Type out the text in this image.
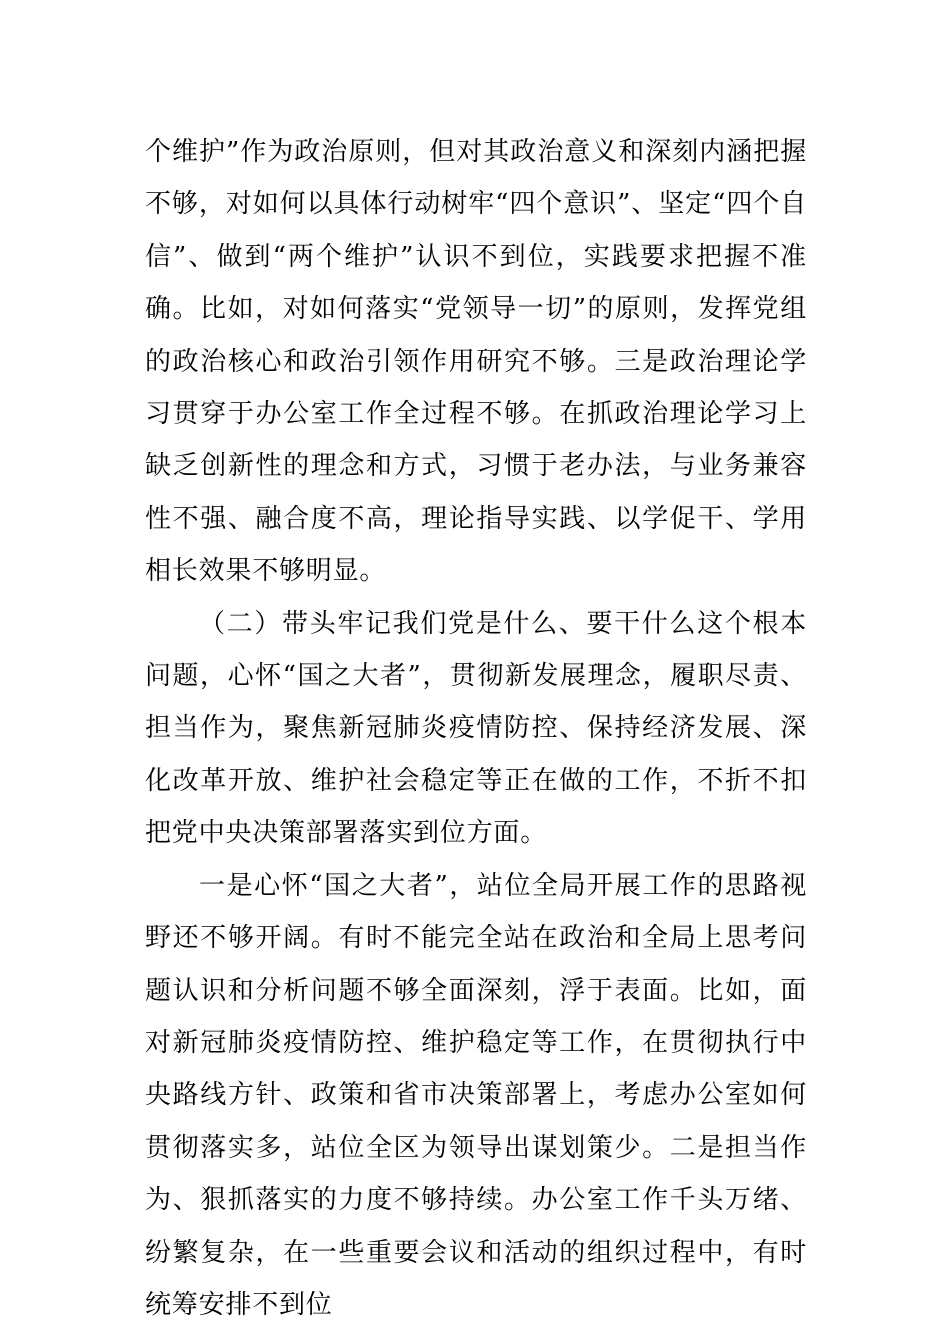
个维护”作为政治原则，但对其政治意义和深刻内涵把握不够，对如何以具体行动树牢“四个意识”、坚定“四个自信”、做到“两个维护”认识不到位，实践要求把握不准确。比如，对如何落实“党领导一切”的原则，发挥党组的政治核心和政治引领作用研究不够。三是政治理论学习贯穿于办公室工作全过程不够。在抓政治理论学习上缺乏创新性的理念和方式，习惯于老办法，与业务兼容性不强、融合度不高，理论指导实践、以学促干、学用相长效果不够明显。

（二）带头牢记我们党是什么、要干什么这个根本问题，心怀“国之大者”，贯彻新发展理念，履职尽责、担当作为，聚焦新冠肺炎疫情防控、保持经济发展、深化改革开放、维护社会稳定等正在做的工作，不折不扣把党中央决策部署落实到位方面。

一是心怀“国之大者”，站位全局开展工作的思路视野还不够开阔。有时不能完全站在政治和全局上思考问题认识和分析问题不够全面深刻，浮于表面。比如，面对新冠肺炎疫情防控、维护稳定等工作，在贯彻执行中央路线方针、政策和省市决策部署上，考虑办公室如何贯彻落实多，站位全区为领导出谋划策少。二是担当作为、狠抓落实的力度不够持续。办公室工作千头万绪、纷繁复杂，在一些重要会议和活动的组织过程中，有时统筹安排不到位
